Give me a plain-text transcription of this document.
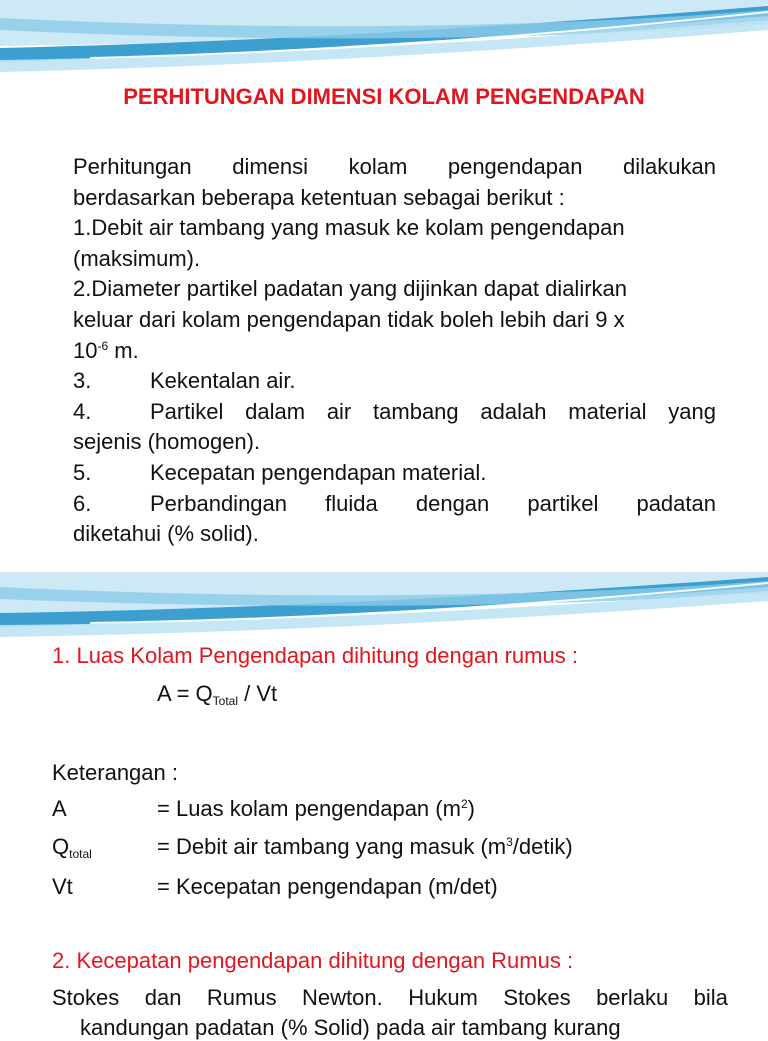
PERHITUNGAN DIMENSI KOLAM PENGENDAPAN
Perhitungan dimensi kolam pengendapan dilakukan
berdasarkan beberapa ketentuan sebagai berikut :
1.Debit air tambang yang masuk ke kolam pengendapan
(maksimum).
2.Diameter partikel padatan yang dijinkan dapat dialirkan
keluar dari kolam pengendapan tidak boleh lebih dari 9 x
$10^{-6}$ m.
3.	Kekentalan air.
4.	Partikel dalam air tambang adalah material yang
sejenis (homogen).
5.	Kecepatan pengendapan material.
6.	Perbandingan fluida dengan partikel padatan
diketahui (% solid).
1. Luas Kolam Pengendapan dihitung dengan rumus :
$A = Q_{Total} / Vt$
Keterangan :
A	= Luas kolam pengendapan $(m^2)$
$Q_{total}$	= Debit air tambang yang masuk $(m^3/detik)$
Vt	= Kecepatan pengendapan (m/det)
2. Kecepatan pengendapan dihitung dengan Rumus :
Stokes dan Rumus Newton. Hukum Stokes berlaku bila
kandungan padatan (% Solid) pada air tambang kurang
